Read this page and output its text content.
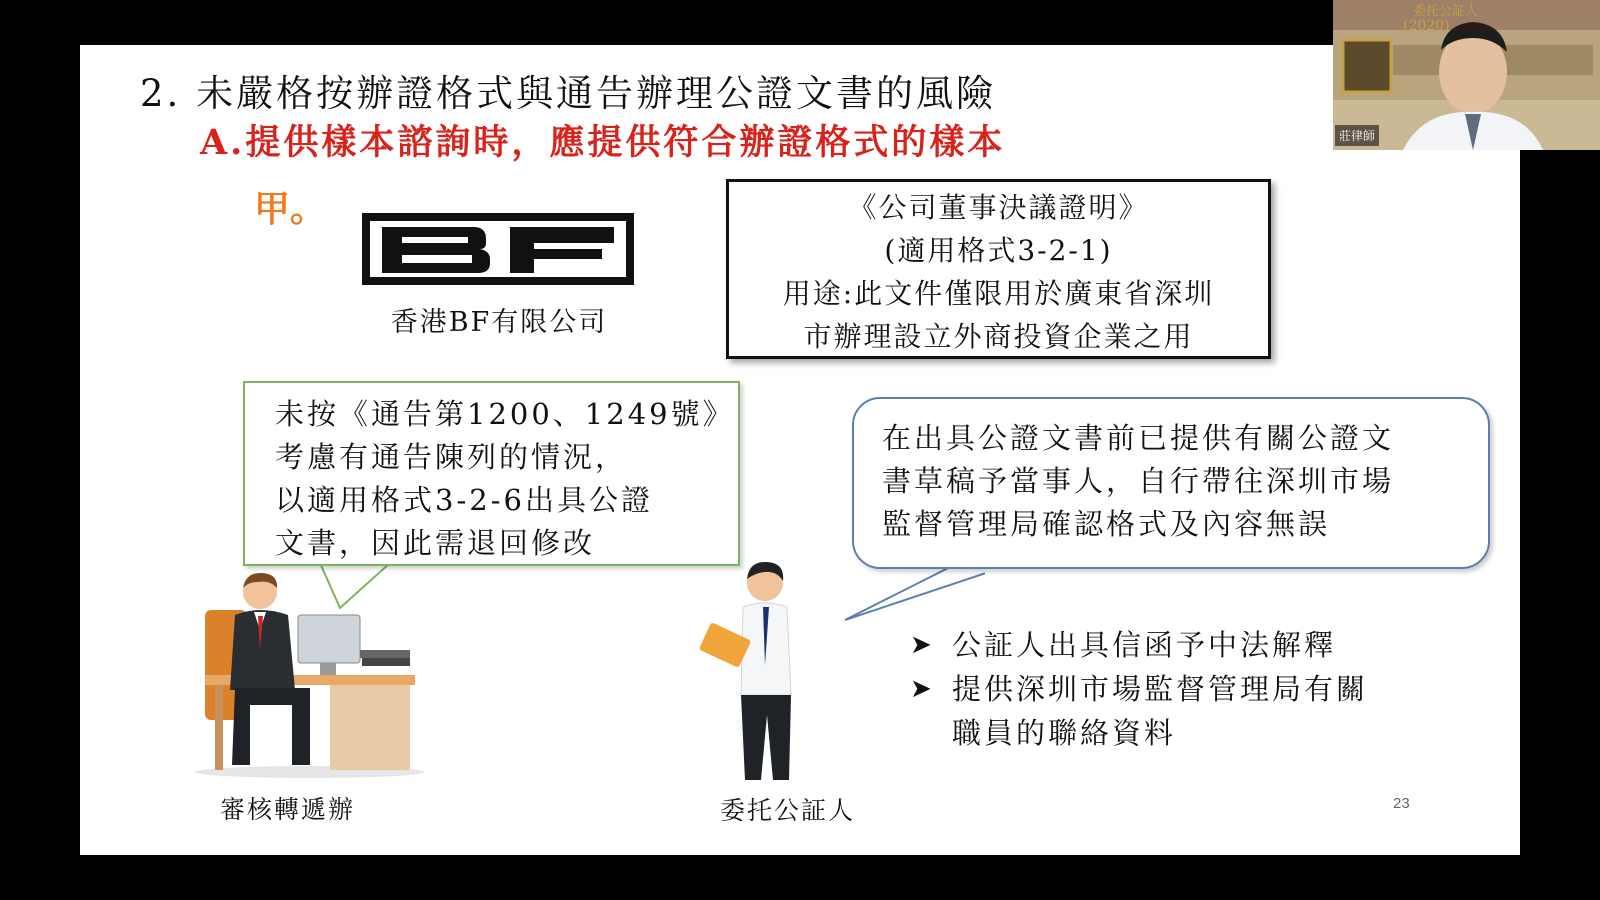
2. 未嚴格按辦證格式與通告辦理公證文書的風險
A.提供樣本諮詢時，應提供符合辦證格式的樣本
甲。
香港BF有限公司
《公司董事決議證明》
(適用格式3-2-1)
用途:此文件僅限用於廣東省深圳
市辦理設立外商投資企業之用
未按《通告第1200、1249號》
考慮有通告陳列的情況，
以適用格式3-2-6出具公證
文書，因此需退回修改
在出具公證文書前已提供有關公證文
書草稿予當事人，自行帶往深圳市場
監督管理局確認格式及內容無誤
➤ 公証人出具信函予中法解釋
➤ 提供深圳市場監督管理局有關
職員的聯絡資料
審核轉遞辦	委托公証人	23
委托公証人
(2020)
莊律師
